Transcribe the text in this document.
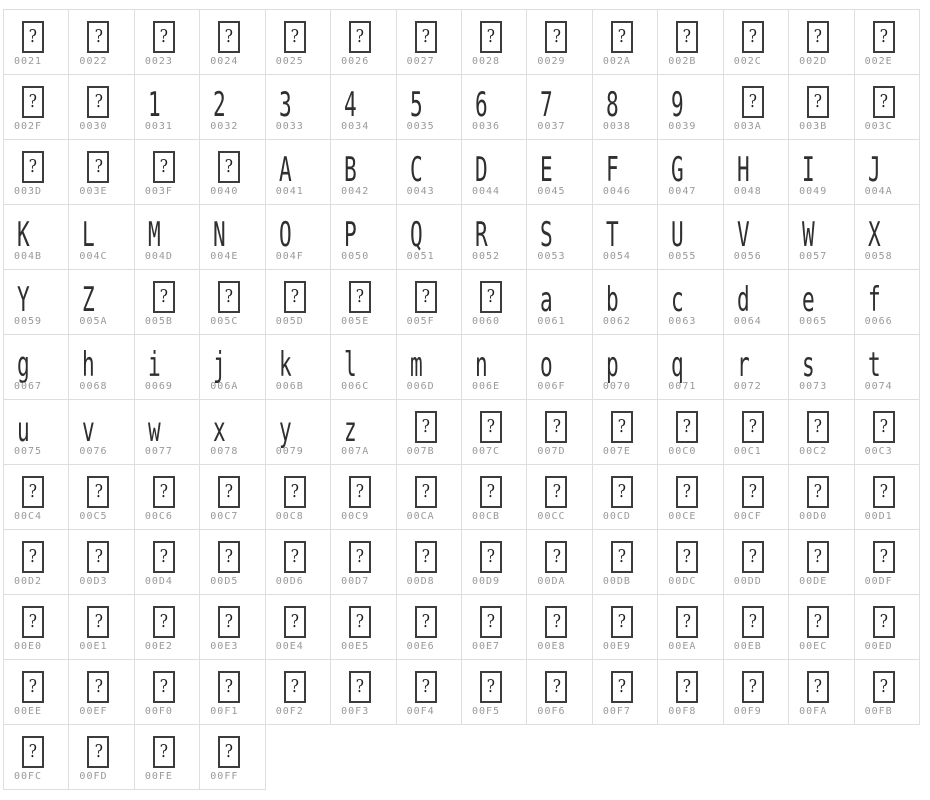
?
0021
?
0022
?
0023
?
0024
?
0025
?
0026
?
0027
?
0028
?
0029
?
002A
?
002B
?
002C
?
002D
?
002E
?
002F
?
0030
1
0031
2
0032
3
0033
4
0034
5
0035
6
0036
7
0037
8
0038
9
0039
?
003A
?
003B
?
003C
?
003D
?
003E
?
003F
?
0040
A
0041
B
0042
C
0043
D
0044
E
0045
F
0046
G
0047
H
0048
I
0049
J
004A
K
004B
L
004C
M
004D
N
004E
O
004F
P
0050
Q
0051
R
0052
S
0053
T
0054
U
0055
V
0056
W
0057
X
0058
Y
0059
Z
005A
?
005B
?
005C
?
005D
?
005E
?
005F
?
0060
a
0061
b
0062
c
0063
d
0064
e
0065
f
0066
g
0067
h
0068
i
0069
j
006A
k
006B
l
006C
m
006D
n
006E
o
006F
p
0070
q
0071
r
0072
s
0073
t
0074
u
0075
v
0076
w
0077
x
0078
y
0079
z
007A
?
007B
?
007C
?
007D
?
007E
?
00C0
?
00C1
?
00C2
?
00C3
?
00C4
?
00C5
?
00C6
?
00C7
?
00C8
?
00C9
?
00CA
?
00CB
?
00CC
?
00CD
?
00CE
?
00CF
?
00D0
?
00D1
?
00D2
?
00D3
?
00D4
?
00D5
?
00D6
?
00D7
?
00D8
?
00D9
?
00DA
?
00DB
?
00DC
?
00DD
?
00DE
?
00DF
?
00E0
?
00E1
?
00E2
?
00E3
?
00E4
?
00E5
?
00E6
?
00E7
?
00E8
?
00E9
?
00EA
?
00EB
?
00EC
?
00ED
?
00EE
?
00EF
?
00F0
?
00F1
?
00F2
?
00F3
?
00F4
?
00F5
?
00F6
?
00F7
?
00F8
?
00F9
?
00FA
?
00FB
?
00FC
?
00FD
?
00FE
?
00FF
